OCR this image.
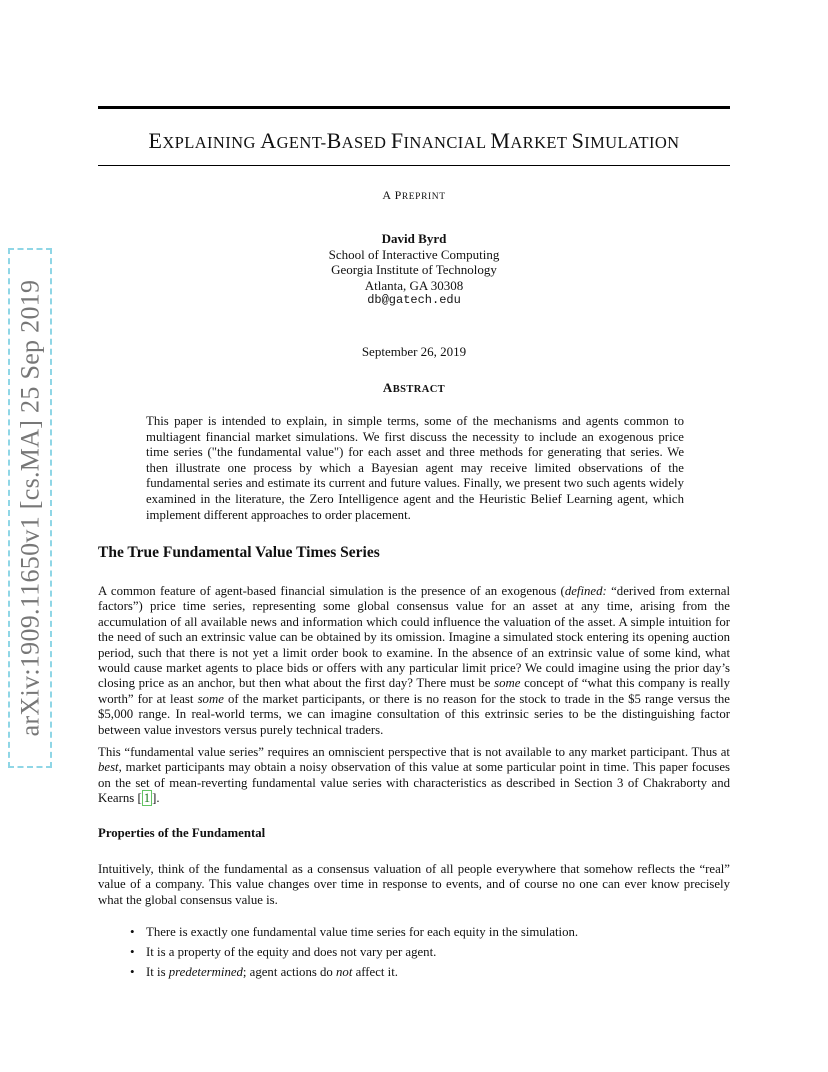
arXiv:1909.11650v1 [cs.MA] 25 Sep 2019
EXPLAINING AGENT-BASED FINANCIAL MARKET SIMULATION
A PREPRINT
David Byrd
School of Interactive Computing
Georgia Institute of Technology
Atlanta, GA 30308
db@gatech.edu
September 26, 2019
ABSTRACT

This paper is intended to explain, in simple terms, some of the mechanisms and agents common to multiagent financial market simulations. We first discuss the necessity to include an exogenous price time series ("the fundamental value") for each asset and three methods for generating that series. We then illustrate one process by which a Bayesian agent may receive limited observations of the fundamental series and estimate its current and future values. Finally, we present two such agents widely examined in the literature, the Zero Intelligence agent and the Heuristic Belief Learning agent, which implement different approaches to order placement.

The True Fundamental Value Times Series

A common feature of agent-based financial simulation is the presence of an exogenous (defined: “derived from external factors”) price time series, representing some global consensus value for an asset at any time, arising from the accumulation of all available news and information which could influence the valuation of the asset. A simple intuition for the need of such an extrinsic value can be obtained by its omission. Imagine a simulated stock entering its opening auction period, such that there is not yet a limit order book to examine. In the absence of an extrinsic value of some kind, what would cause market agents to place bids or offers with any particular limit price? We could imagine using the prior day’s closing price as an anchor, but then what about the first day? There must be some concept of “what this company is really worth” for at least some of the market participants, or there is no reason for the stock to trade in the $5 range versus the $5,000 range. In real-world terms, we can imagine consultation of this extrinsic series to be the distinguishing factor between value investors versus purely technical traders.

This “fundamental value series” requires an omniscient perspective that is not available to any market participant. Thus at best, market participants may obtain a noisy observation of this value at some particular point in time. This paper focuses on the set of mean-reverting fundamental value series with characteristics as described in Section 3 of Chakraborty and Kearns [ 1 ].

Properties of the Fundamental

Intuitively, think of the fundamental as a consensus valuation of all people everywhere that somehow reflects the “real” value of a company. This value changes over time in response to events, and of course no one can ever know precisely what the global consensus value is.

• There is exactly one fundamental value time series for each equity in the simulation.
• It is a property of the equity and does not vary per agent.
• It is predetermined; agent actions do not affect it.
